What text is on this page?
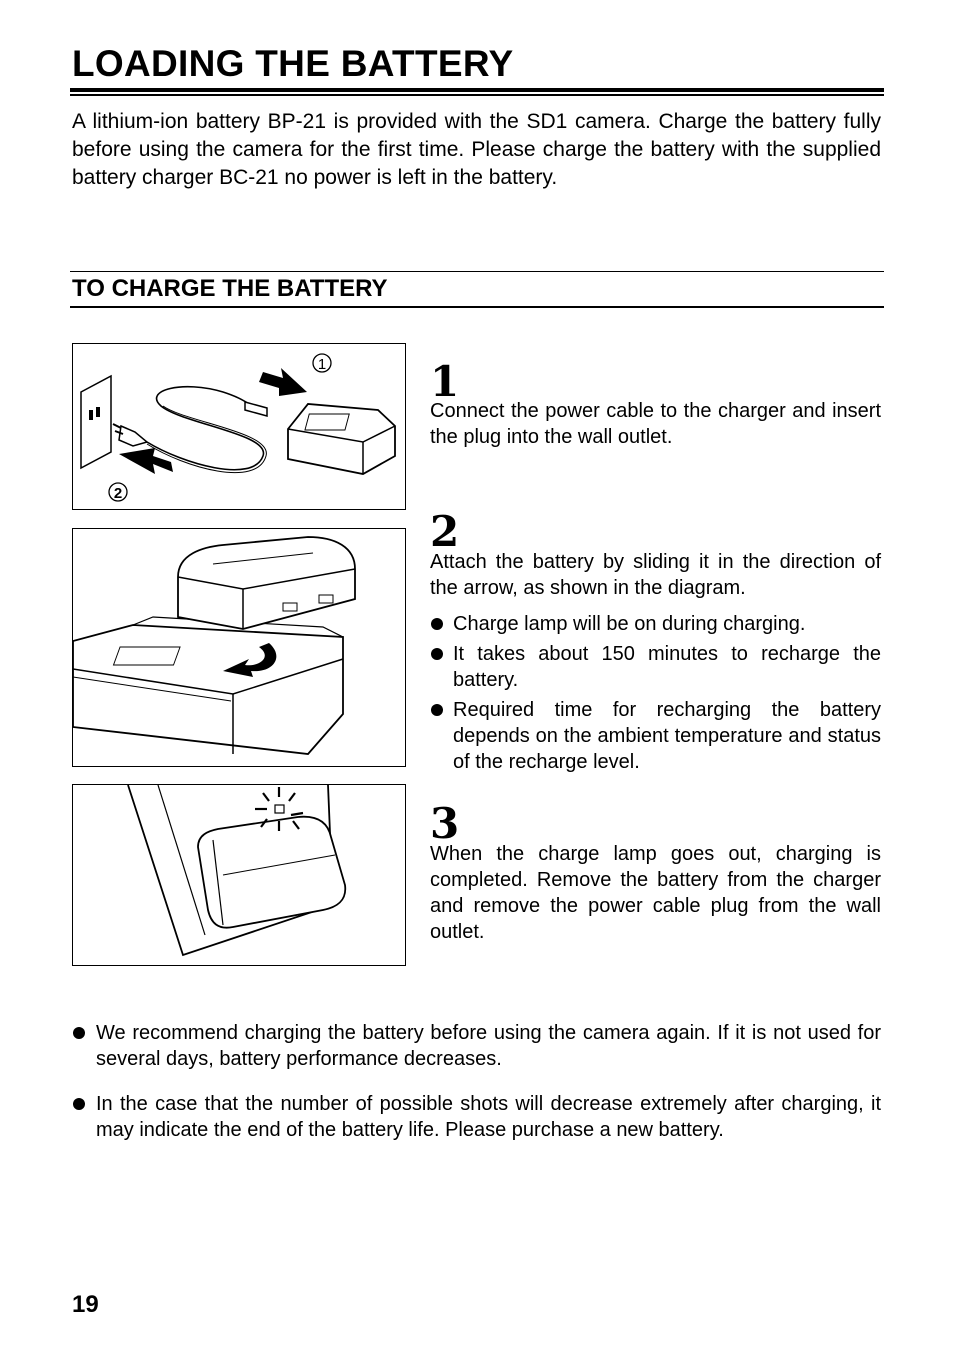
LOADING THE BATTERY

A lithium-ion battery BP-21 is provided with the SD1 camera. Charge the battery fully before using the camera for the first time. Please charge the battery with the supplied battery charger BC-21 no power is left in the battery.

TO CHARGE THE BATTERY
1
2
1

Connect the power cable to the charger and insert the plug into the wall outlet.

2

Attach the battery by sliding it in the direction of the arrow, as shown in the diagram.

Charge lamp will be on during charging.
It takes about 150 minutes to recharge the battery.
Required time for recharging the battery depends on the ambient temperature and status of the recharge level.
3

When the charge lamp goes out, charging is completed. Remove the battery from the charger and remove the power cable plug from the wall outlet.

We recommend charging the battery before using the camera again. If it is not used for several days, battery performance decreases.
In the case that the number of possible shots will decrease extremely after charging, it may indicate the end of the battery life. Please purchase a new battery.
19
